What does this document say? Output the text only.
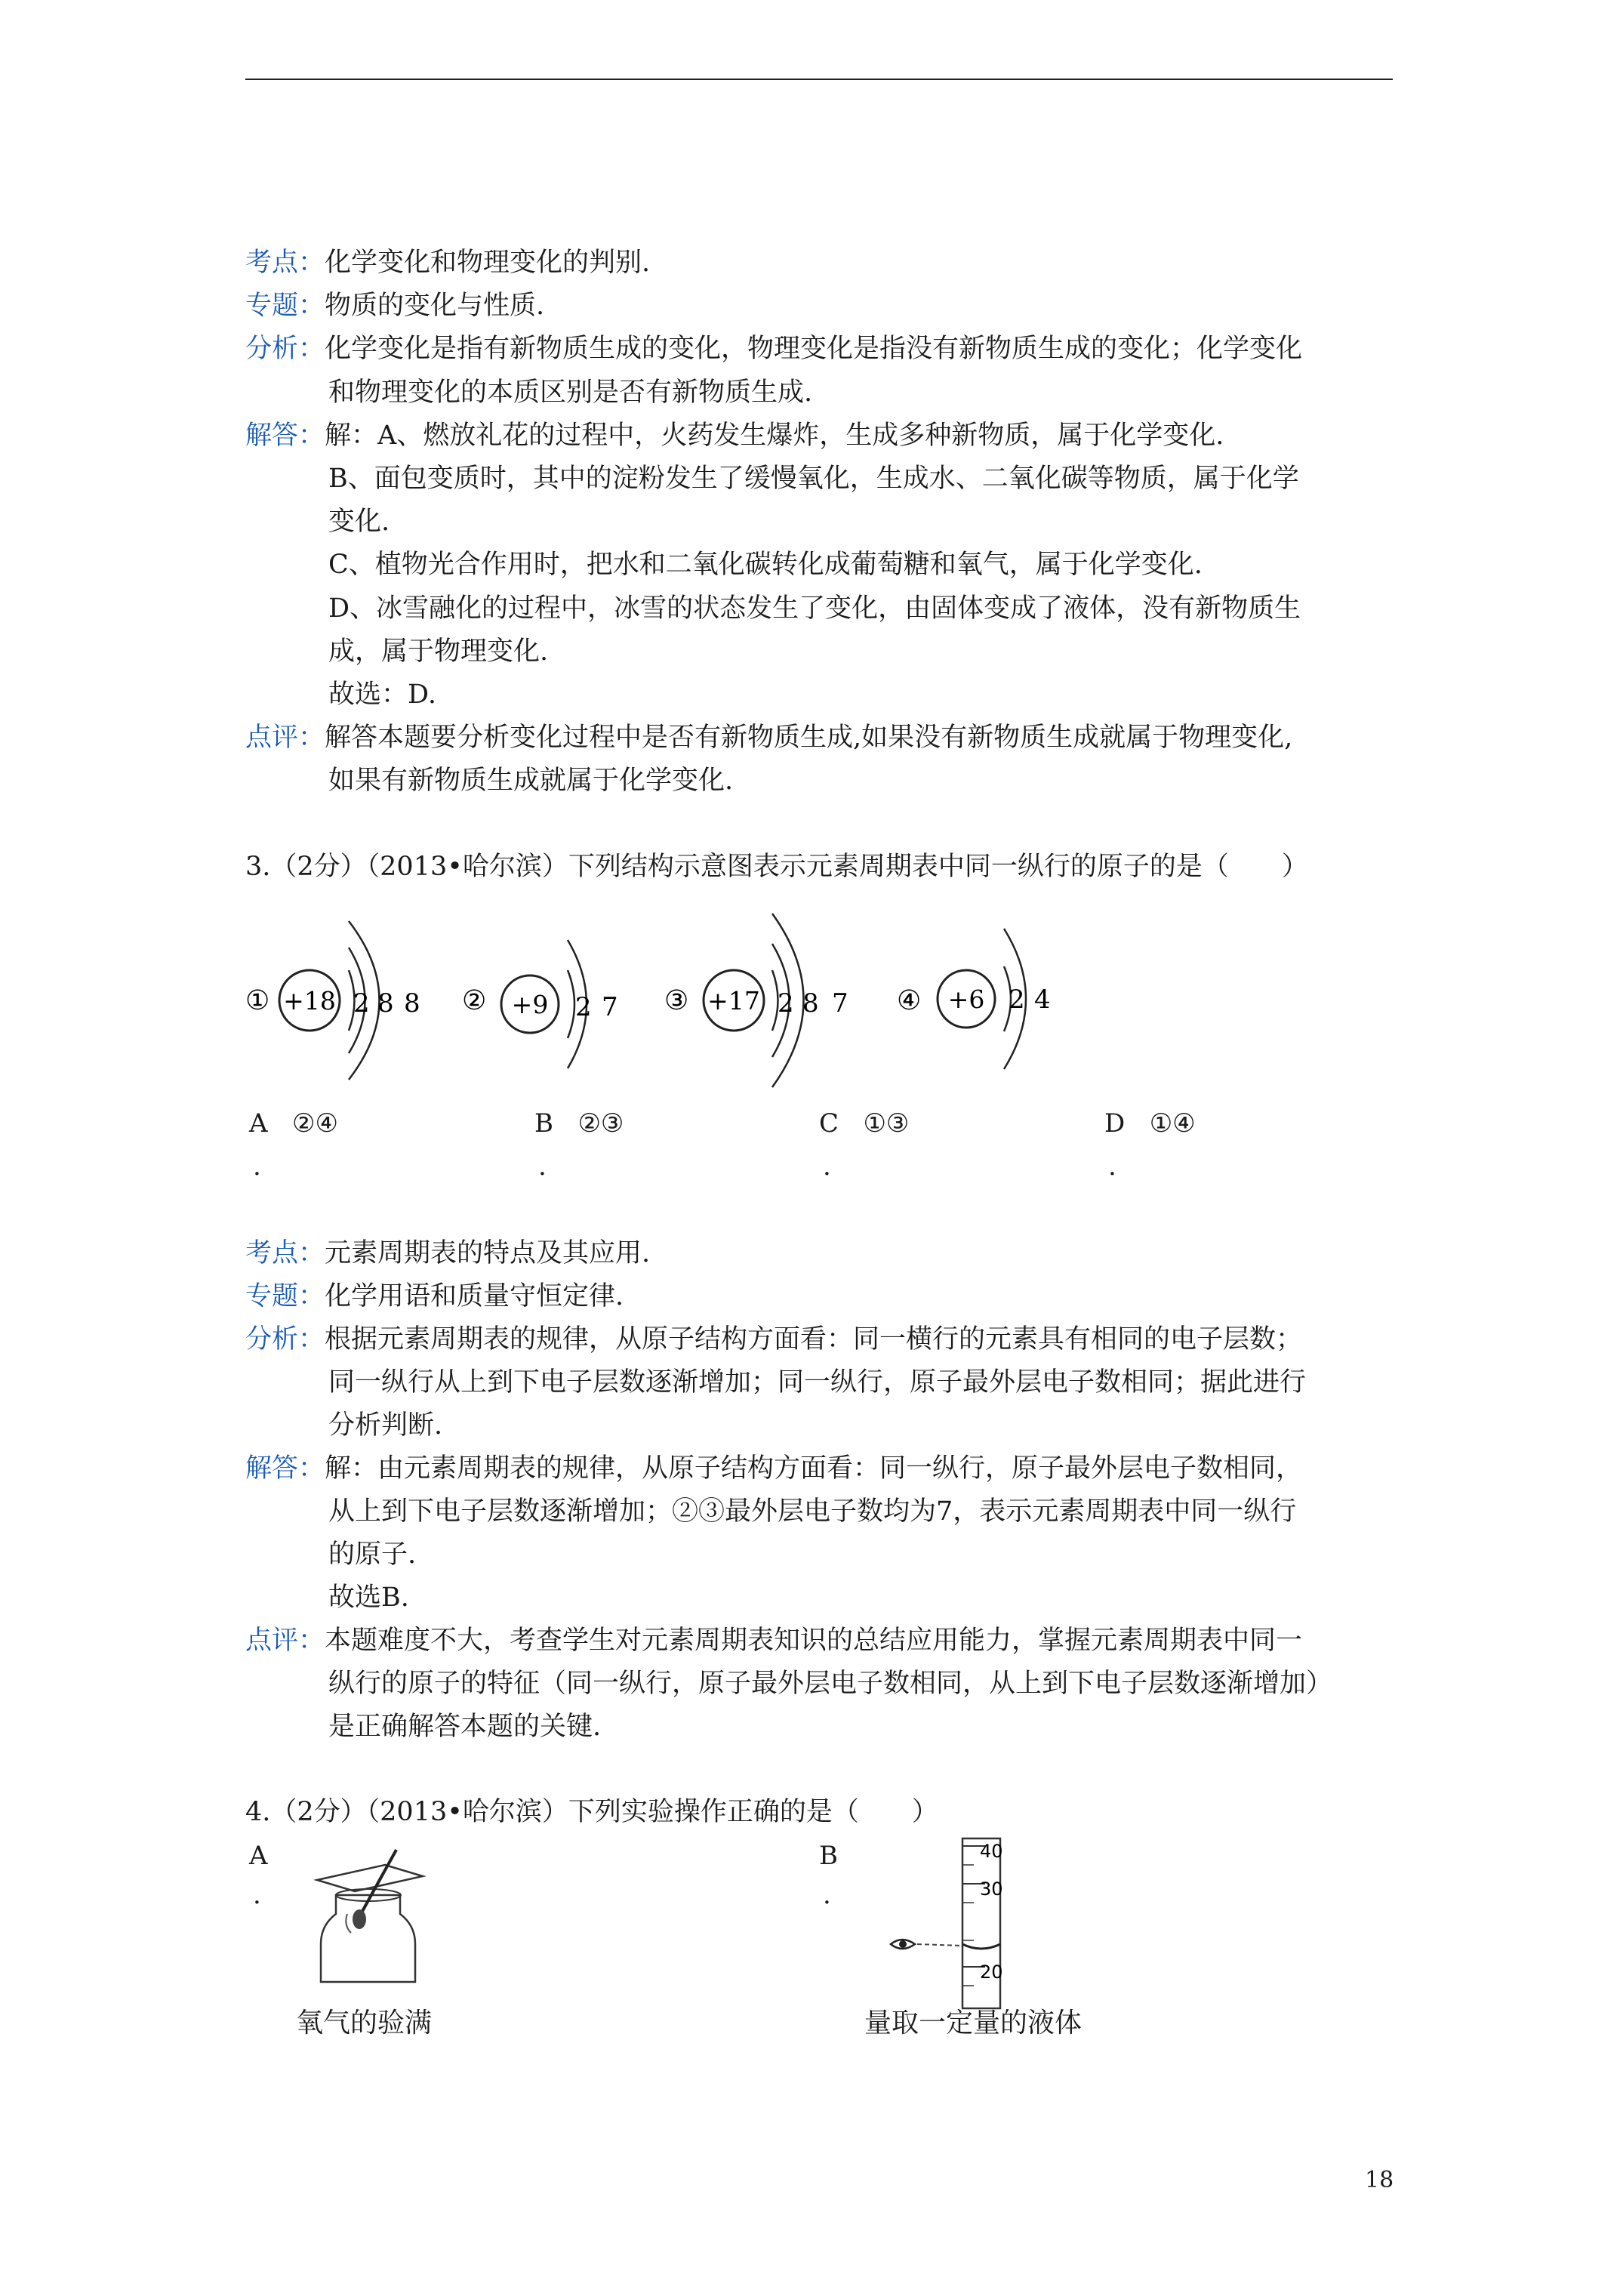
考点：化学变化和物理变化的判别.
专题：物质的变化与性质.
分析：化学变化是指有新物质生成的变化，物理变化是指没有新物质生成的变化；化学变化
和物理变化的本质区别是否有新物质生成.
解答：解：A、燃放礼花的过程中，火药发生爆炸，生成多种新物质，属于化学变化.
B、面包变质时，其中的淀粉发生了缓慢氧化，生成水、二氧化碳等物质，属于化学
变化.
C、植物光合作用时，把水和二氧化碳转化成葡萄糖和氧气，属于化学变化.
D、冰雪融化的过程中，冰雪的状态发生了变化，由固体变成了液体，没有新物质生
成，属于物理变化.
故选：D.
点评：解答本题要分析变化过程中是否有新物质生成,如果没有新物质生成就属于物理变化,
如果有新物质生成就属于化学变化.
3.（2分）（2013•哈尔滨）下列结构示意图表示元素周期表中同一纵行的原子的是（　　）
① +18 2 8 8 ② +9 2 7 ③ +17 2 8 7 ④ +6 2 4
A ②④	B ②③	C ①③	D ①④
.	.	.	.
考点：元素周期表的特点及其应用.
专题：化学用语和质量守恒定律.
分析：根据元素周期表的规律，从原子结构方面看：同一横行的元素具有相同的电子层数；
同一纵行从上到下电子层数逐渐增加；同一纵行，原子最外层电子数相同；据此进行
分析判断.
解答：解：由元素周期表的规律，从原子结构方面看：同一纵行，原子最外层电子数相同，
从上到下电子层数逐渐增加；②③最外层电子数均为7，表示元素周期表中同一纵行
的原子.
故选B.
点评：本题难度不大，考查学生对元素周期表知识的总结应用能力，掌握元素周期表中同一
纵行的原子的特征（同一纵行，原子最外层电子数相同，从上到下电子层数逐渐增加）
是正确解答本题的关键.
4.（2分）（2013•哈尔滨）下列实验操作正确的是（　　）
A
.
B
.
氧气的验满
40
30
20
量取一定量的液体
18
